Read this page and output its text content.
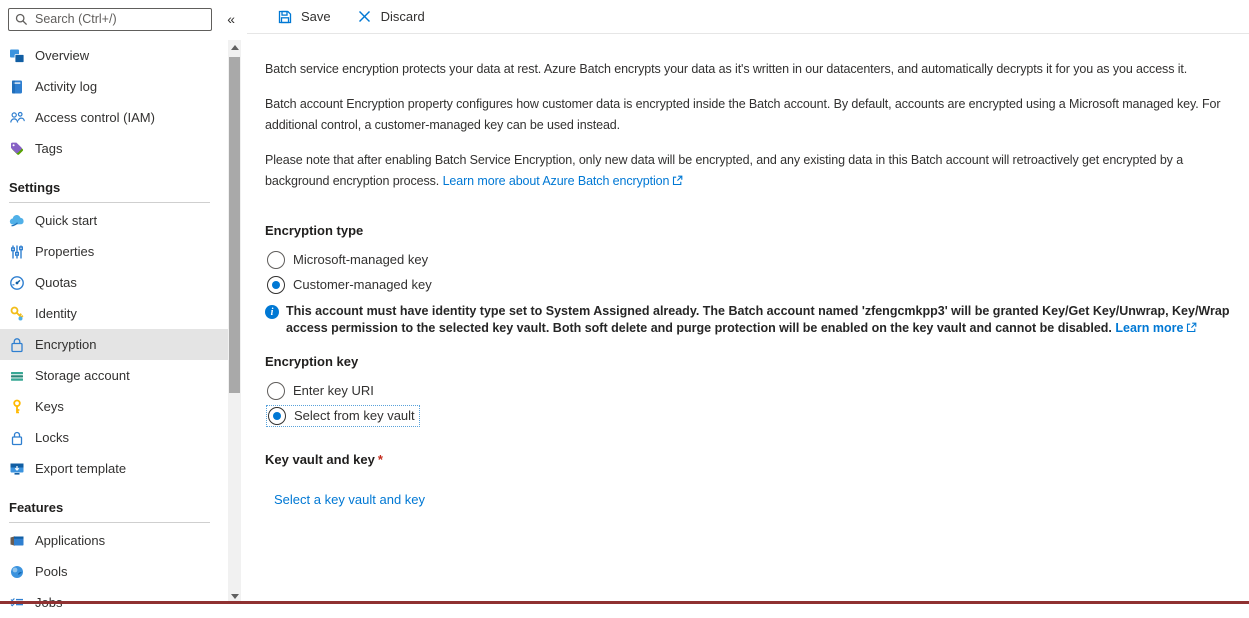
Search (Ctrl+/)
«
Overview
Activity log
Access control (IAM)
Tags
Settings
Quick start
Properties
Quotas
Identity
Encryption
Storage account
Keys
Locks
Export template
Features
Applications
Pools
Save	Discard

Batch service encryption protects your data at rest. Azure Batch encrypts your data as it's written in our datacenters, and automatically decrypts it for you as you access it.

Batch account Encryption property configures how customer data is encrypted inside the Batch account. By default, accounts are encrypted using a Microsoft managed key. For additional control, a customer-managed key can be used instead.

Please note that after enabling Batch Service Encryption, only new data will be encrypted, and any existing data in this Batch account will retroactively get encrypted by a background encryption process. Learn more about Azure Batch encryption

Encryption type
Microsoft-managed key
Customer-managed key
i	This account must have identity type set to System Assigned already. The Batch account named 'zfengcmkpp3' will be granted Key/Get Key/Unwrap, Key/Wrap access permission to the selected key vault. Both soft delete and purge protection will be enabled on the key vault and cannot be disabled. Learn more
Encryption key
Enter key URI
Select from key vault
Key vault and key *
Select a key vault and key
